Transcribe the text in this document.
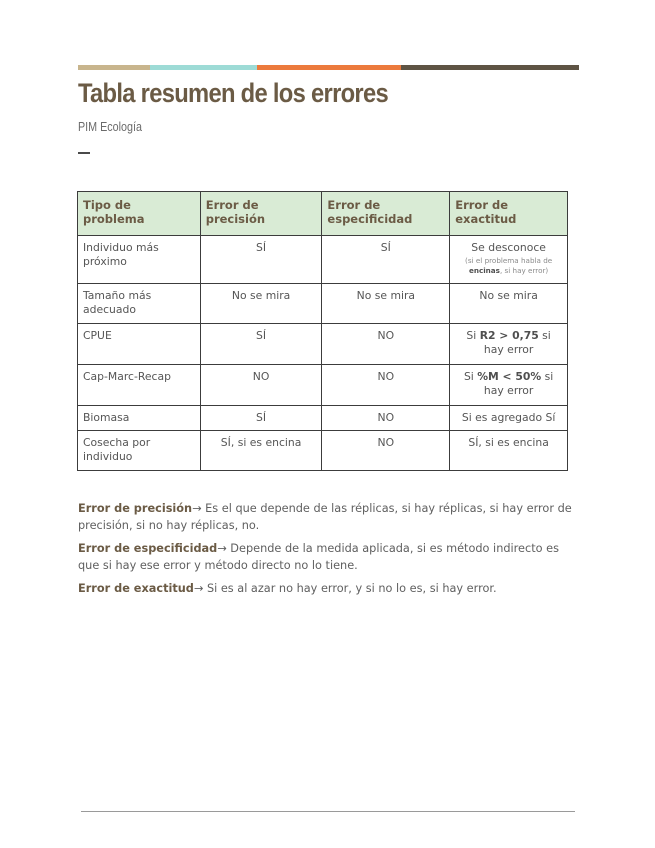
Tabla resumen de los errores
PIM Ecología
Tipo de problema	Error de precisión	Error de especificidad	Error de exactitud
Individuo más próximo	SÍ	SÍ	Se desconoce
(si el problema habla de encinas, si hay error)

Tamaño más adecuado	No se mira	No se mira	No se mira
CPUE	SÍ	NO	Si R2 > 0,75 si hay error
Cap-Marc-Recap	NO	NO	Si %M < 50% si hay error
Biomasa	SÍ	NO	Si es agregado Sí
Cosecha por individuo	SÍ, si es encina	NO	SÍ, si es encina

Error de precisión→ Es el que depende de las réplicas, si hay réplicas, si hay error de precisión, si no hay réplicas, no.

Error de especificidad→ Depende de la medida aplicada, si es método indirecto es que si hay ese error y método directo no lo tiene.

Error de exactitud→ Si es al azar no hay error, y si no lo es, si hay error.
